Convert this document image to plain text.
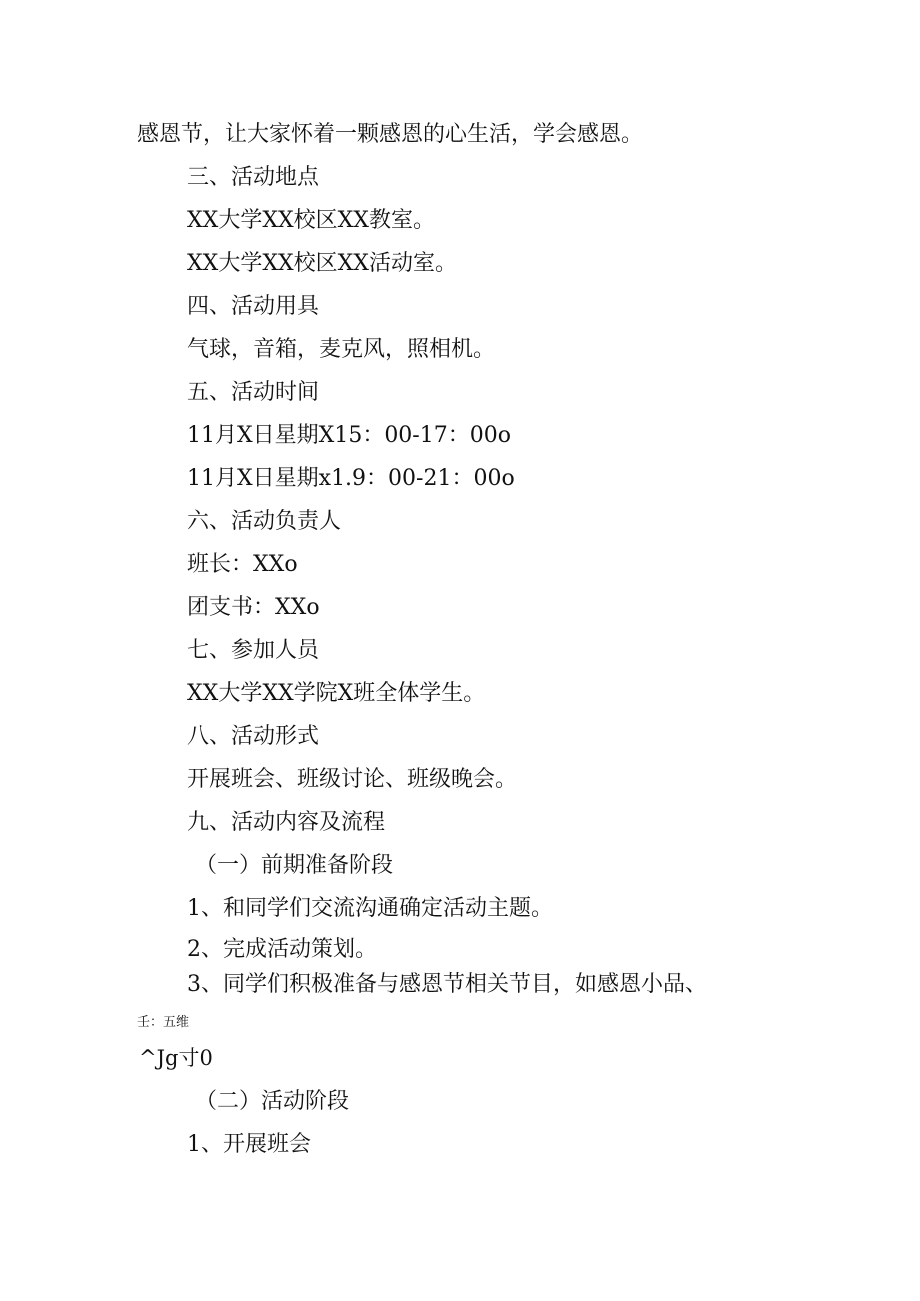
感恩节，让大家怀着一颗感恩的心生活，学会感恩。
三、活动地点
XX大学XX校区XX教室。
XX大学XX校区XX活动室。
四、活动用具
气球，音箱，麦克风，照相机。
五、活动时间
11月X日星期X15：00-17：00o
11月X日星期x1.9：00-21：00o
六、活动负责人
班长：XXo
团支书：XXo
七、参加人员
XX大学XX学院X班全体学生。
八、活动形式
开展班会、班级讨论、班级晚会。
九、活动内容及流程
（一）前期准备阶段
1、和同学们交流沟通确定活动主题。
2、完成活动策划。
3、同学们积极准备与感恩节相关节目，如感恩小品、
壬：五维
^Jg寸0
（二）活动阶段
1、开展班会
